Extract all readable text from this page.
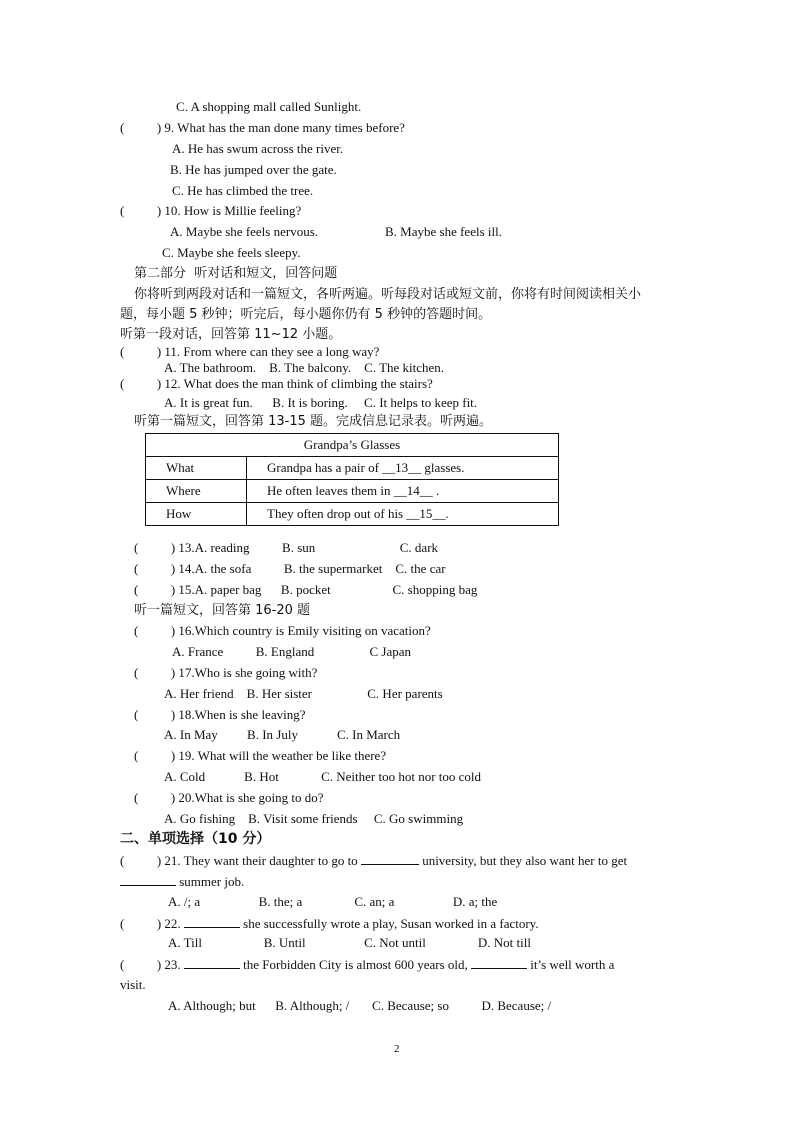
C. A shopping mall called Sunlight.
(          ) 9. What has the man done many times before?
A. He has swum across the river.
B. He has jumped over the gate.
C. He has climbed the tree.
(          ) 10. How is Millie feeling?
A. Maybe she feels nervous.	B. Maybe she feels ill.
C. Maybe she feels sleepy.
第二部分  听对话和短文，回答问题
你将听到两段对话和一篇短文，各听两遍。听每段对话或短文前，你将有时间阅读相关小
题，每小题 5 秒钟；听完后，每小题你仍有 5 秒钟的答题时间。
听第一段对话，回答第 11~12 小题。
(          ) 11. From where can they see a long way?
A. The bathroom.    B. The balcony.    C. The kitchen.
(          ) 12. What does the man think of climbing the stairs?
A. It is great fun.      B. It is boring.     C. It helps to keep fit.
听第一篇短文，回答第 13-15 题。完成信息记录表。听两遍。
Grandpa’s Glasses	
What	Grandpa has a pair of __13__ glasses.
Where	He often leaves them in __14__ .
How	They often drop out of his __15__.
(          ) 13.A. reading          B. sun                          C. dark
(          ) 14.A. the sofa          B. the supermarket    C. the car
(          ) 15.A. paper bag      B. pocket                   C. shopping bag
听一篇短文，回答第 16-20 题
(          ) 16.Which country is Emily visiting on vacation?
A. France          B. England                 C Japan
(          ) 17.Who is she going with?
A. Her friend    B. Her sister                 C. Her parents
(          ) 18.When is she leaving?
A. In May         B. In July            C. In March
(          ) 19. What will the weather be like there?
A. Cold            B. Hot             C. Neither too hot nor too cold
(          ) 20.What is she going to do?
A. Go fishing    B. Visit some friends     C. Go swimming
二、单项选择（10 分）
(          ) 21. They want their daughter to go to	university, but they also want her to get
summer job.
A. /; a                  B. the; a                C. an; a                  D. a; the
(          ) 22.	she successfully wrote a play, Susan worked in a factory.
A. Till                   B. Until                  C. Not until                D. Not till
(          ) 23.	the Forbidden City is almost 600 years old,	it’s well worth a
visit.
A. Although; but      B. Although; /       C. Because; so          D. Because; /
2
